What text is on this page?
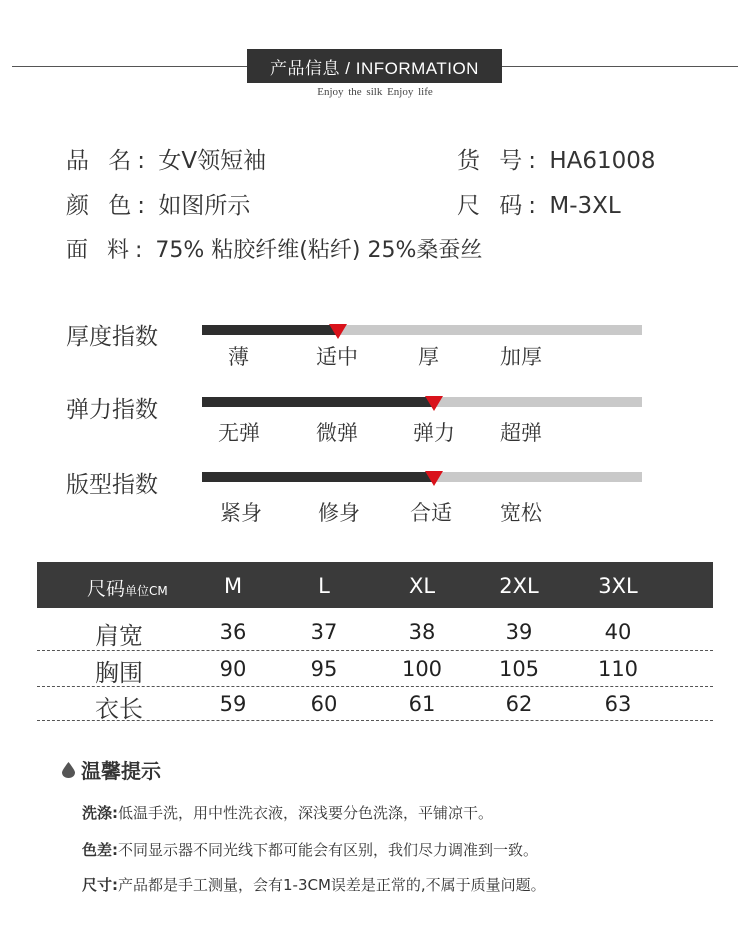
产品信息 / INFORMATION
Enjoy the silk Enjoy life
品 名: 女V领短袖	货 号: HA61008
颜 色: 如图所示	尺 码: M-3XL
面 料: 75% 粘胶纤维(粘纤) 25%桑蚕丝
厚度指数
薄	适中	厚	加厚
弹力指数
无弹	微弹	弹力 超弹
版型指数
紧身	修身 合适 宽松
尺码单位CM	M	L	XL	2XL	3XL
肩宽	36	37	38	39	40
胸围	90	95	100	105	110
衣长	59	60	61	62	63
温馨提示
洗涤:低温手洗，用中性洗衣液，深浅要分色洗涤，平铺凉干。
色差:不同显示器不同光线下都可能会有区别，我们尽力调准到一致。
尺寸:产品都是手工测量，会有1-3CM误差是正常的,不属于质量问题。
